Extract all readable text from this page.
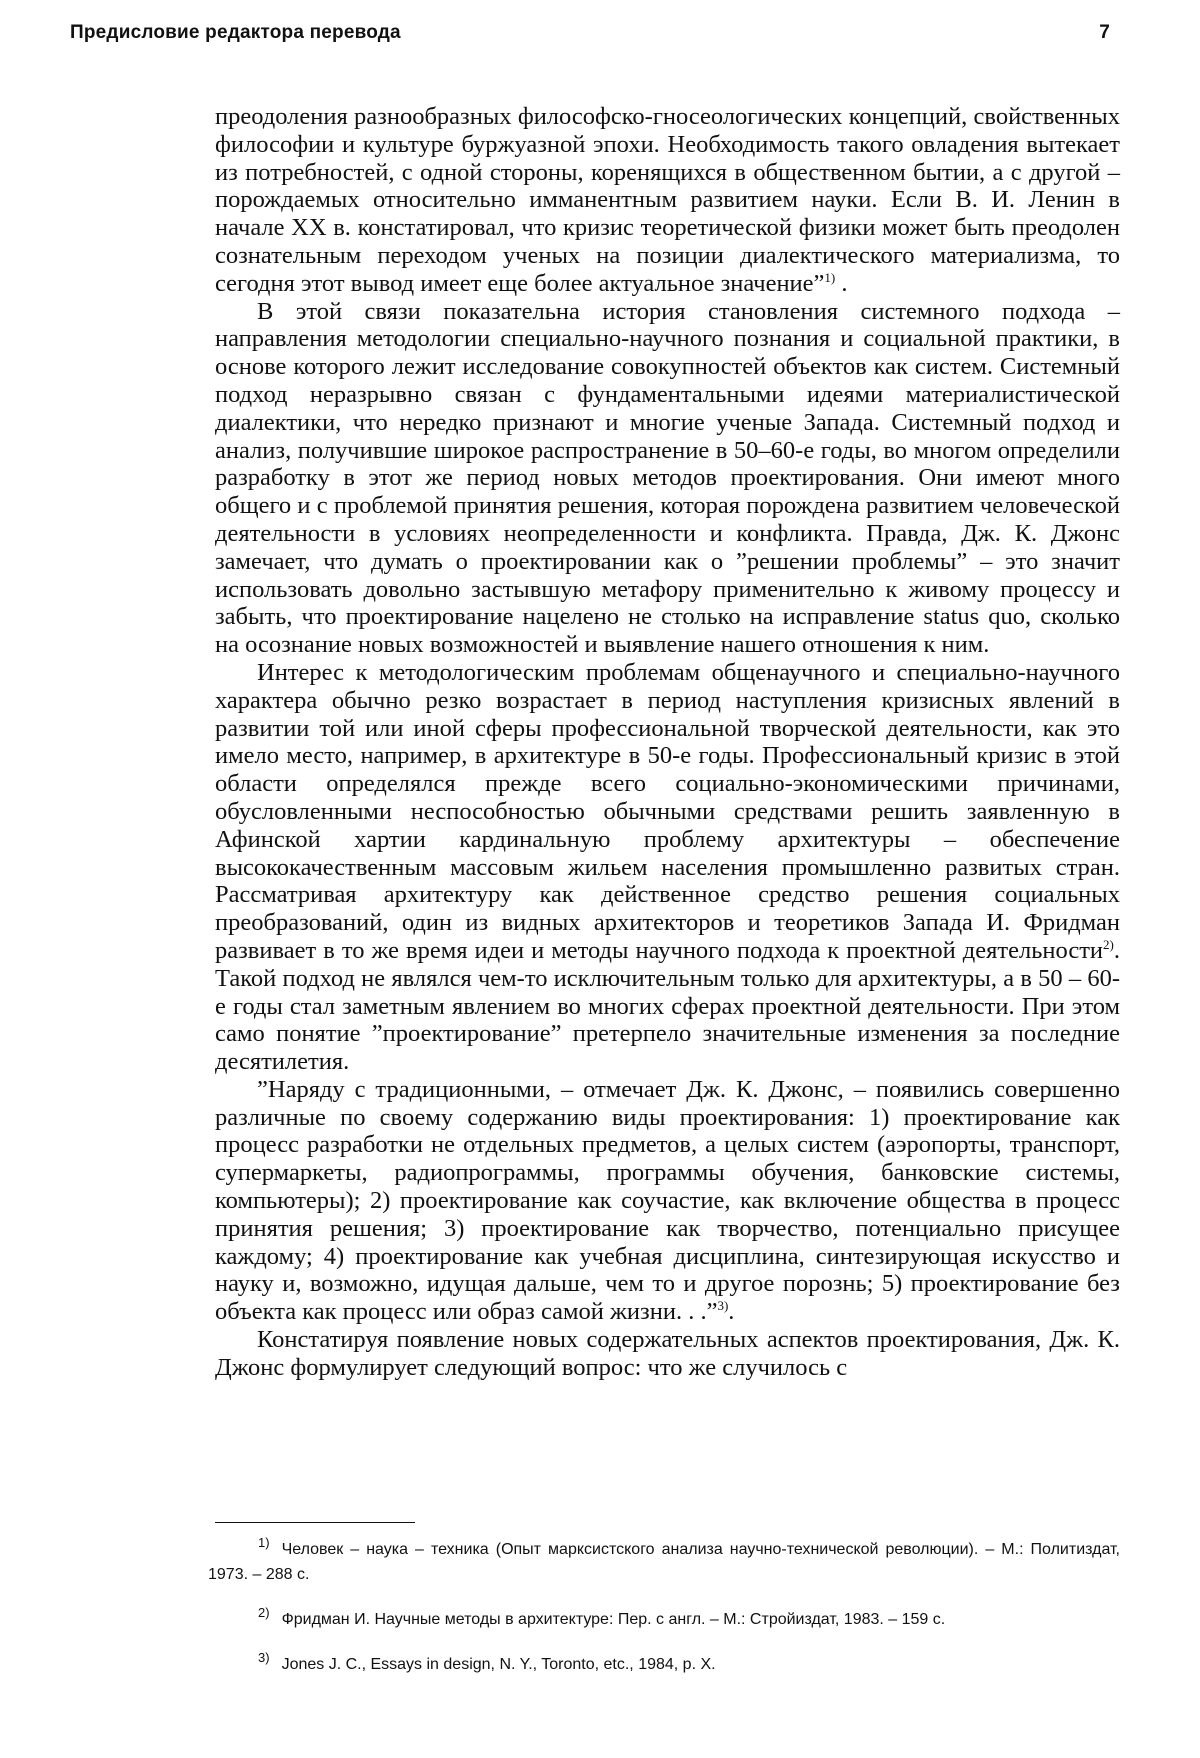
Предисловие редактора перевода	7

преодоления разнообразных философско-гносеологических концепций, свойственных философии и культуре буржуазной эпохи. Необходимость такого овладения вытекает из потребностей, с одной стороны, коренящихся в общественном бытии, а с другой – порождаемых относительно имманентным развитием науки. Если В. И. Ленин в начале XX в. констатировал, что кризис теоретической физики может быть преодолен сознательным переходом ученых на позиции диалектического материализма, то сегодня этот вывод имеет еще более актуальное значение”$^{1)}$ .

В этой связи показательна история становления системного подхода – направления методологии специально-научного познания и социальной практики, в основе которого лежит исследование совокупностей объектов как систем. Системный подход неразрывно связан с фундаментальными идеями материалистической диалектики, что нередко признают и многие ученые Запада. Системный подход и анализ, получившие широкое распространение в 50–60-е годы, во многом определили разработку в этот же период новых методов проектирования. Они имеют много общего и с проблемой принятия решения, которая порождена развитием человеческой деятельности в условиях неопределенности и конфликта. Правда, Дж. К. Джонс замечает, что думать о проектировании как о ”решении проблемы” – это значит использовать довольно застывшую метафору применительно к живому процессу и забыть, что проектирование нацелено не столько на исправление status quo, сколько на осознание новых возможностей и выявление нашего отношения к ним.

Интерес к методологическим проблемам общенаучного и специально-научного характера обычно резко возрастает в период наступления кризисных явлений в развитии той или иной сферы профессиональной творческой деятельности, как это имело место, например, в архитектуре в 50-е годы. Профессиональный кризис в этой области определялся прежде всего социально-экономическими причинами, обусловленными неспособностью обычными средствами решить заявленную в Афинской хартии кардинальную проблему архитектуры – обеспечение высококачественным массовым жильем населения промышленно развитых стран. Рассматривая архитектуру как действенное средство решения социальных преобразований, один из видных архитекторов и теоретиков Запада И. Фридман развивает в то же время идеи и методы научного подхода к проектной деятельности$^{2)}$. Такой подход не являлся чем-то исключительным только для архитектуры, а в 50 – 60-е годы стал заметным явлением во многих сферах проектной деятельности. При этом само понятие ”проектирование” претерпело значительные изменения за последние десятилетия.

”Наряду с традиционными, – отмечает Дж. К. Джонс, – появились совершенно различные по своему содержанию виды проектирования: 1) проектирование как процесс разработки не отдельных предметов, а целых систем (аэропорты, транспорт, супермаркеты, радиопрограммы, программы обучения, банковские системы, компьютеры); 2) проектирование как соучастие, как включение общества в процесс принятия решения; 3) проектирование как творчество, потенциально присущее каждому; 4) проектирование как учебная дисциплина, синтезирующая искусство и науку и, возможно, идущая дальше, чем то и другое порознь; 5) проектирование без объекта как процесс или образ самой жизни. . .”$^{3)}$.

Констатируя появление новых содержательных аспектов проектирования, Дж. К. Джонс формулирует следующий вопрос: что же случилось с

$^{1)}$ Человек – наука – техника (Опыт марксистского анализа научно-технической революции). – М.: Политиздат, 1973. – 288 с.

$^{2)}$ Фридман И. Научные методы в архитектуре: Пер. с англ. – М.: Стройиздат, 1983. – 159 с.

$^{3)}$ Jones J. C., Essays in design, N. Y., Toronto, etc., 1984, p. X.
